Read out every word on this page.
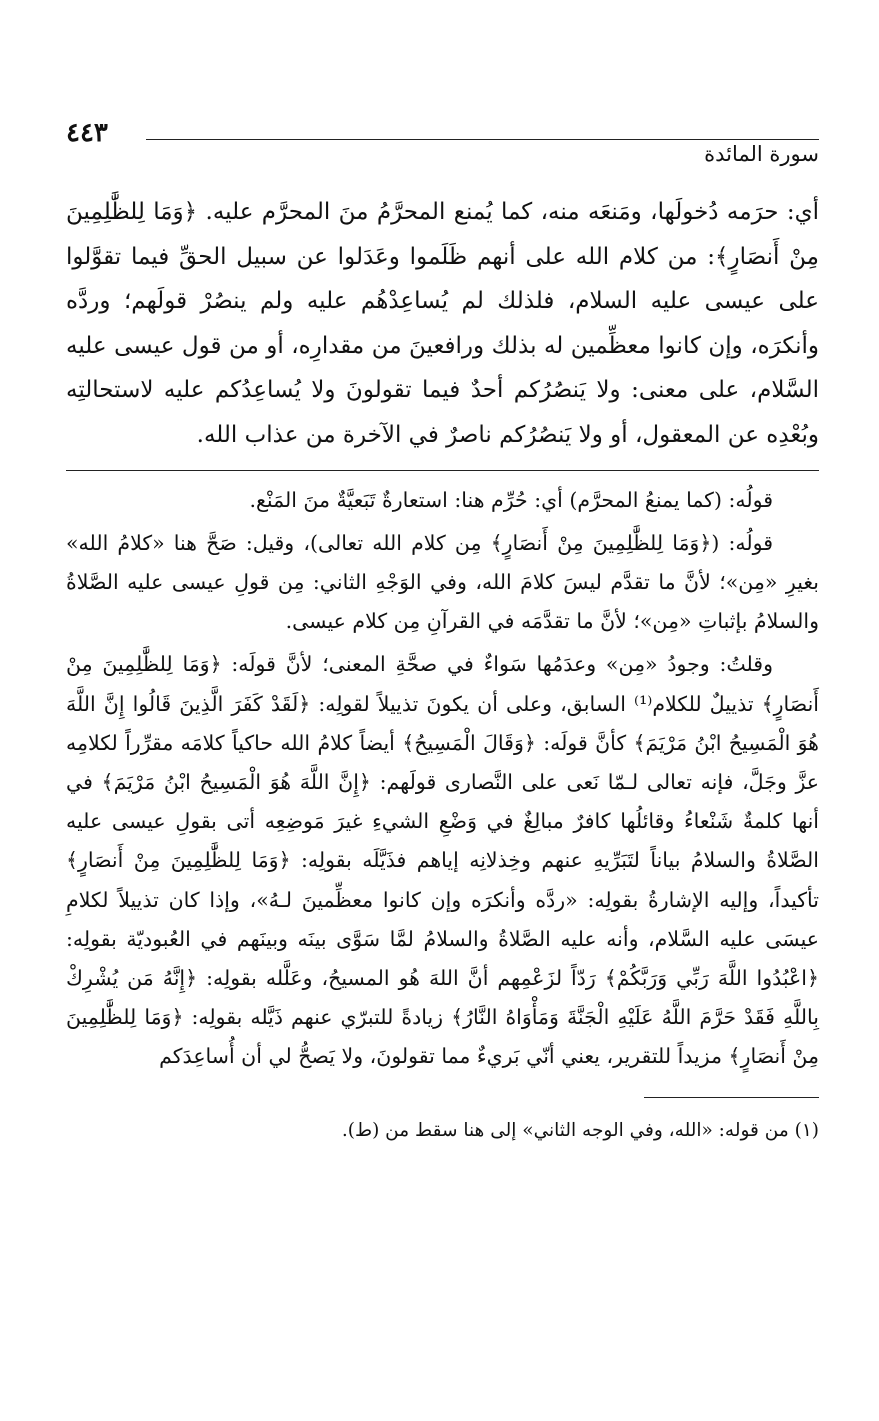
٤٤٣
سورة المائدة

أي: حرَمه دُخولَها، ومَنعَه منه، كما يُمنع المحرَّمُ منَ المحرَّم عليه. ﴿وَمَا لِلظَّٰلِمِينَ مِنْ أَنصَارٍ﴾: من كلام الله على أنهم ظَلَموا وعَدَلوا عن سبيل الحقِّ فيما تقوَّلوا على عيسى عليه السلام، فلذلك لم يُساعِدْهُم عليه ولم ينصُرْ قولَهم؛ وردَّه وأنكرَه، وإن كانوا معظِّمين له بذلك ورافعينَ من مقدارِه، أو من قول عيسى عليه السَّلام، على معنى: ولا يَنصُرُكم أحدٌ فيما تقولونَ ولا يُساعِدُكم عليه لاستحالتِه وبُعْدِه عن المعقول، أو ولا يَنصُرُكم ناصرٌ في الآخرة من عذاب الله.

قولُه: (كما يمنعُ المحرَّم) أي: حُرِّم هنا: استعارةٌ تَبَعيَّةٌ منَ المَنْع.

قولُه: (﴿وَمَا لِلظَّٰلِمِينَ مِنْ أَنصَارٍ﴾ مِن كلام الله تعالى)، وقيل: صَحَّ هنا «كلامُ الله» بغيرِ «مِن»؛ لأنَّ ما تقدَّم ليسَ كلامَ الله، وفي الوَجْهِ الثاني: مِن قولِ عيسى عليه الصَّلاةُ والسلامُ بإثباتِ «مِن»؛ لأنَّ ما تقدَّمَه في القرآنِ مِن كلام عيسى.

وقلتُ: وجودُ «مِن» وعدَمُها سَواءٌ في صحَّةِ المعنى؛ لأنَّ قولَه: ﴿وَمَا لِلظَّٰلِمِينَ مِنْ أَنصَارٍ﴾ تذييلٌ للكلام⁽¹⁾ السابق، وعلى أن يكونَ تذييلاً لقولِه: ﴿لَقَدْ كَفَرَ الَّذِينَ قَالُوا إِنَّ اللَّهَ هُوَ الْمَسِيحُ ابْنُ مَرْيَمَ﴾ كأنَّ قولَه: ﴿وَقَالَ الْمَسِيحُ﴾ أيضاً كلامُ الله حاكياً كلامَه مقرِّراً لكلامِه عزَّ وجَلَّ، فإنه تعالى لـمّا نَعى على النَّصارى قولَهم: ﴿إِنَّ اللَّهَ هُوَ الْمَسِيحُ ابْنُ مَرْيَمَ﴾ في أنها كلمةٌ شَنْعاءُ وقائلُها كافرٌ مبالِغٌ في وَضْعِ الشيءِ غيرَ مَوضِعِه أتى بقولِ عيسى عليه الصَّلاةُ والسلامُ بياناً لتَبَرِّيهِ عنهم وخِذلانِه إياهم فذَيَّلَه بقولِه: ﴿وَمَا لِلظَّٰلِمِينَ مِنْ أَنصَارٍ﴾ تأكيداً، وإليه الإشارةُ بقولِه: «ردَّه وأنكرَه وإن كانوا معظِّمينَ لـهُ»، وإذا كان تذييلاً لكلامِ عيسَى عليه السَّلام، وأنه عليه الصَّلاةُ والسلامُ لمَّا سَوَّى بينَه وبينَهم في العُبوديّة بقولِه: ﴿اعْبُدُوا اللَّهَ رَبِّي وَرَبَّكُمْ﴾ رَدّاً لزَعْمِهم أنَّ اللهَ هُو المسيحُ، وعَلَّله بقولِه: ﴿إِنَّهُ مَن يُشْرِكْ بِاللَّهِ فَقَدْ حَرَّمَ اللَّهُ عَلَيْهِ الْجَنَّةَ وَمَأْوَاهُ النَّارُ﴾ زيادةً للتبرّي عنهم ذَيَّله بقولِه: ﴿وَمَا لِلظَّٰلِمِينَ مِنْ أَنصَارٍ﴾ مزيداً للتقرير، يعني أنّي بَريءٌ مما تقولونَ، ولا يَصحُّ لي أن أُساعِدَكم

(١) من قوله: «الله، وفي الوجه الثاني» إلى هنا سقط من (ط).
